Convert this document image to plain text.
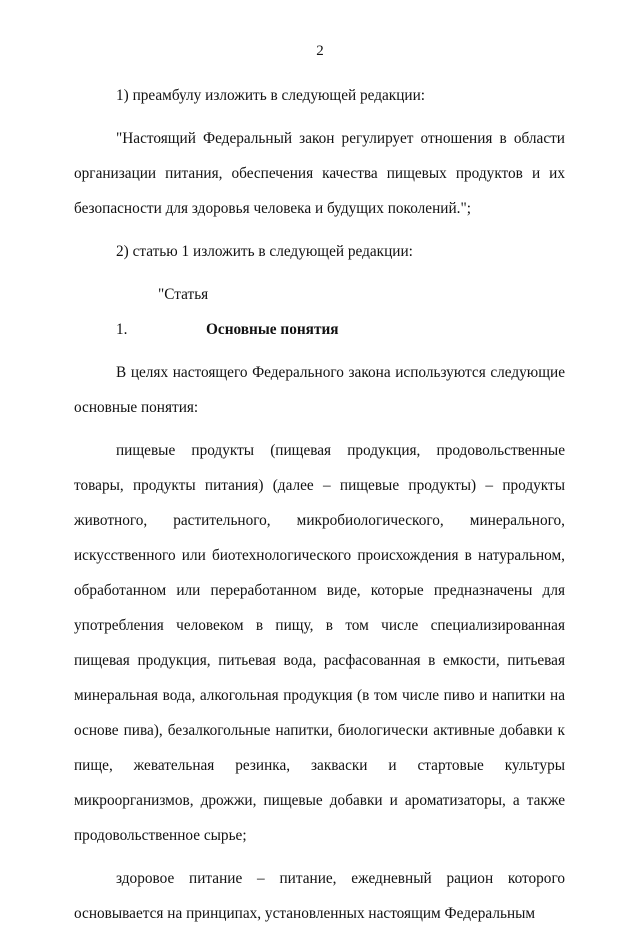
2

1) преамбулу изложить в следующей редакции:

"Настоящий Федеральный закон регулирует отношения в области организации питания, обеспечения качества пищевых продуктов и их безопасности для здоровья человека и будущих поколений.";

2) статью 1 изложить в следующей редакции:

"Статья 1.	Основные понятия

В целях настоящего Федерального закона используются следующие основные понятия:

пищевые продукты (пищевая продукция, продовольственные товары, продукты питания) (далее – пищевые продукты) – продукты животного, растительного, микробиологического, минерального, искусственного или биотехнологического происхождения в натуральном, обработанном или переработанном виде, которые предназначены для употребления человеком в пищу, в том числе специализированная пищевая продукция, питьевая вода, расфасованная в емкости, питьевая минеральная вода, алкогольная продукция (в том числе пиво и напитки на основе пива), безалкогольные напитки, биологически активные добавки к пище, жевательная резинка, закваски и стартовые культуры микроорганизмов, дрожжи, пищевые добавки и ароматизаторы, а также продовольственное сырье;

здоровое питание – питание, ежедневный рацион которого основывается на принципах, установленных настоящим Федеральным
